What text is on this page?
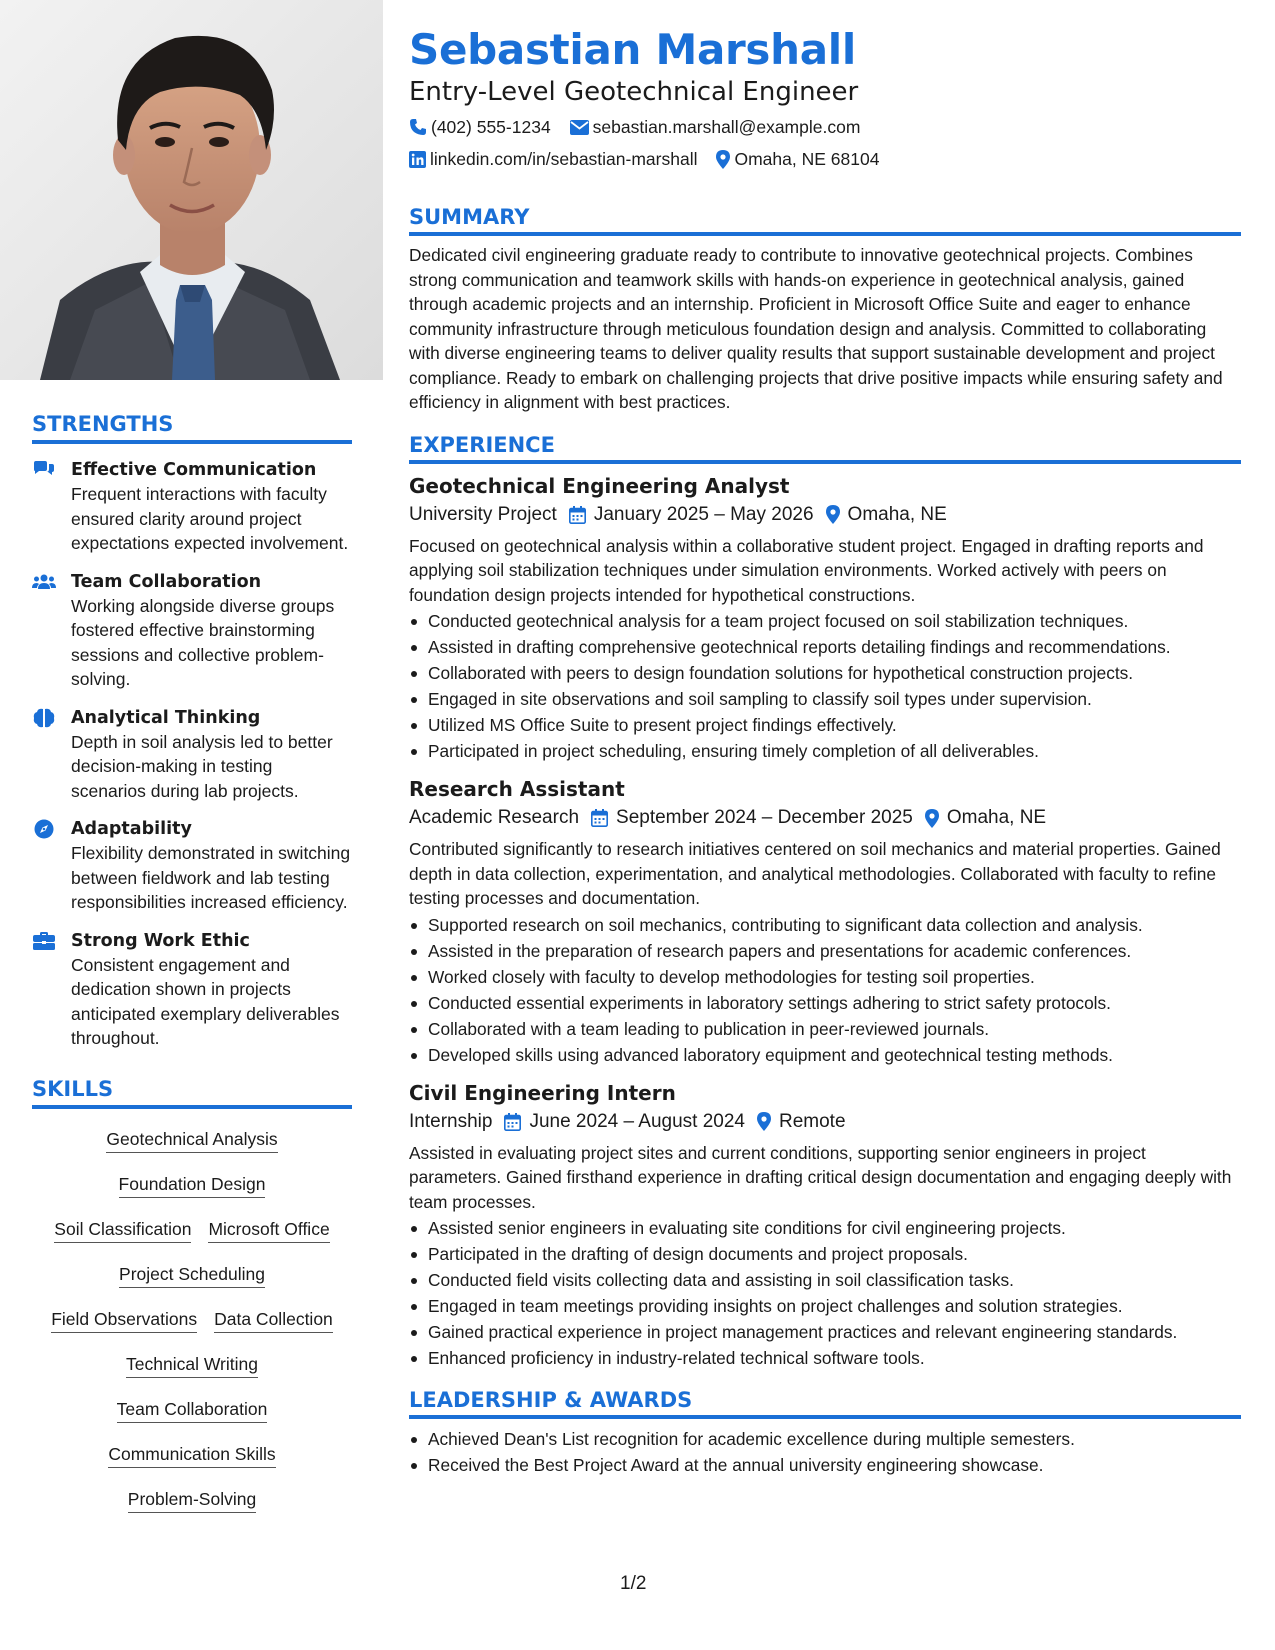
STRENGTHS
Effective Communication
Frequent interactions with faculty ensured clarity around project expectations expected involvement.
Team Collaboration
Working alongside diverse groups fostered effective brainstorming sessions and collective problem-solving.
Analytical Thinking
Depth in soil analysis led to better decision-making in testing scenarios during lab projects.
Adaptability
Flexibility demonstrated in switching between fieldwork and lab testing responsibilities increased efficiency.
Strong Work Ethic
Consistent engagement and dedication shown in projects anticipated exemplary deliverables throughout.
SKILLS
Geotechnical Analysis
Foundation Design
Soil Classification Microsoft Office
Project Scheduling
Field Observations Data Collection
Technical Writing
Team Collaboration
Communication Skills
Problem-Solving
Sebastian Marshall
Entry-Level Geotechnical Engineer
(402) 555-1234 sebastian.marshall@example.com
linkedin.com/in/sebastian-marshall Omaha, NE 68104
SUMMARY
Dedicated civil engineering graduate ready to contribute to innovative geotechnical projects. Combines strong communication and teamwork skills with hands-on experience in geotechnical analysis, gained through academic projects and an internship. Proficient in Microsoft Office Suite and eager to enhance community infrastructure through meticulous foundation design and analysis. Committed to collaborating with diverse engineering teams to deliver quality results that support sustainable development and project compliance. Ready to embark on challenging projects that drive positive impacts while ensuring safety and efficiency in alignment with best practices.
EXPERIENCE
Geotechnical Engineering Analyst
University Project January 2025 – May 2026 Omaha, NE
Focused on geotechnical analysis within a collaborative student project. Engaged in drafting reports and applying soil stabilization techniques under simulation environments. Worked actively with peers on foundation design projects intended for hypothetical constructions.
Conducted geotechnical analysis for a team project focused on soil stabilization techniques.
Assisted in drafting comprehensive geotechnical reports detailing findings and recommendations.
Collaborated with peers to design foundation solutions for hypothetical construction projects.
Engaged in site observations and soil sampling to classify soil types under supervision.
Utilized MS Office Suite to present project findings effectively.
Participated in project scheduling, ensuring timely completion of all deliverables.
Research Assistant
Academic Research September 2024 – December 2025 Omaha, NE
Contributed significantly to research initiatives centered on soil mechanics and material properties. Gained depth in data collection, experimentation, and analytical methodologies. Collaborated with faculty to refine testing processes and documentation.
Supported research on soil mechanics, contributing to significant data collection and analysis.
Assisted in the preparation of research papers and presentations for academic conferences.
Worked closely with faculty to develop methodologies for testing soil properties.
Conducted essential experiments in laboratory settings adhering to strict safety protocols.
Collaborated with a team leading to publication in peer-reviewed journals.
Developed skills using advanced laboratory equipment and geotechnical testing methods.
Civil Engineering Intern
Internship June 2024 – August 2024 Remote
Assisted in evaluating project sites and current conditions, supporting senior engineers in project parameters. Gained firsthand experience in drafting critical design documentation and engaging deeply with team processes.
Assisted senior engineers in evaluating site conditions for civil engineering projects.
Participated in the drafting of design documents and project proposals.
Conducted field visits collecting data and assisting in soil classification tasks.
Engaged in team meetings providing insights on project challenges and solution strategies.
Gained practical experience in project management practices and relevant engineering standards.
Enhanced proficiency in industry-related technical software tools.
LEADERSHIP & AWARDS
Achieved Dean's List recognition for academic excellence during multiple semesters.
Received the Best Project Award at the annual university engineering showcase.
1/2
